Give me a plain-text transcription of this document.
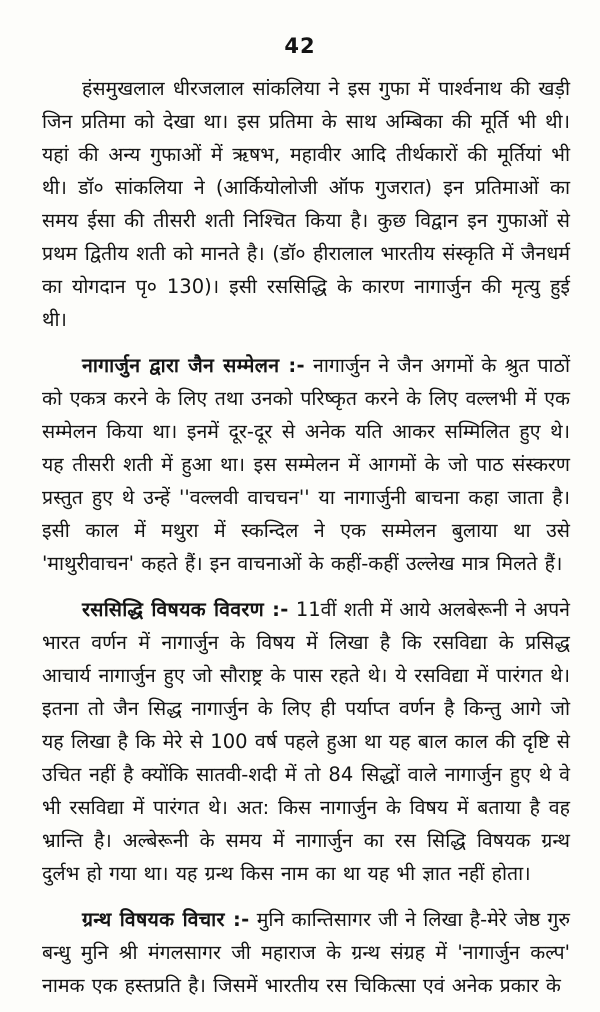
42

हंसमुखलाल धीरजलाल सांकलिया ने इस गुफा में पार्श्वनाथ की खड़ी जिन प्रतिमा को देखा था। इस प्रतिमा के साथ अम्बिका की मूर्ति भी थी। यहां की अन्य गुफाओं में ऋषभ, महावीर आदि तीर्थकारों की मूर्तियां भी थी। डॉ० सांकलिया ने (आर्कियोलोजी ऑफ गुजरात) इन प्रतिमाओं का समय ईसा की तीसरी शती निश्चित किया है। कुछ विद्वान इन गुफाओं से प्रथम द्वितीय शती को मानते है। (डॉ० हीरालाल भारतीय संस्कृति में जैनधर्म का योगदान पृ० 130)। इसी रससिद्धि के कारण नागार्जुन की मृत्यु हुई थी।

नागार्जुन द्वारा जैन सम्मेलन :- नागार्जुन ने जैन अगमों के श्रुत पाठों को एकत्र करने के लिए तथा उनको परिष्कृत करने के लिए वल्लभी में एक सम्मेलन किया था। इनमें दूर-दूर से अनेक यति आकर सम्मिलित हुए थे। यह तीसरी शती में हुआ था। इस सम्मेलन में आगमों के जो पाठ संस्करण प्रस्तुत हुए थे उन्हें ''वल्लवी वाचचन'' या नागार्जुनी बाचना कहा जाता है। इसी काल में मथुरा में स्कन्दिल ने एक सम्मेलन बुलाया था उसे 'माथुरीवाचन' कहते हैं। इन वाचनाओं के कहीं-कहीं उल्लेख मात्र मिलते हैं।

रससिद्धि विषयक विवरण :- 11वीं शती में आये अलबेरूनी ने अपने भारत वर्णन में नागार्जुन के विषय में लिखा है कि रसविद्या के प्रसिद्ध आचार्य नागार्जुन हुए जो सौराष्ट्र के पास रहते थे। ये रसविद्या में पारंगत थे। इतना तो जैन सिद्ध नागार्जुन के लिए ही पर्याप्त वर्णन है किन्तु आगे जो यह लिखा है कि मेरे से 100 वर्ष पहले हुआ था यह बाल काल की दृष्टि से उचित नहीं है क्योंकि सातवी-शदी में तो 84 सिद्धों वाले नागार्जुन हुए थे वे भी रसविद्या में पारंगत थे। अत: किस नागार्जुन के विषय में बताया है वह भ्रान्ति है। अल्बेरूनी के समय में नागार्जुन का रस सिद्धि विषयक ग्रन्थ दुर्लभ हो गया था। यह ग्रन्थ किस नाम का था यह भी ज्ञात नहीं होता।

ग्रन्थ विषयक विचार :- मुनि कान्तिसागर जी ने लिखा है-मेरे जेष्ठ गुरु बन्धु मुनि श्री मंगलसागर जी महाराज के ग्रन्थ संग्रह में 'नागार्जुन कल्प' नामक एक हस्तप्रति है। जिसमें भारतीय रस चिकित्सा एवं अनेक प्रकार के
